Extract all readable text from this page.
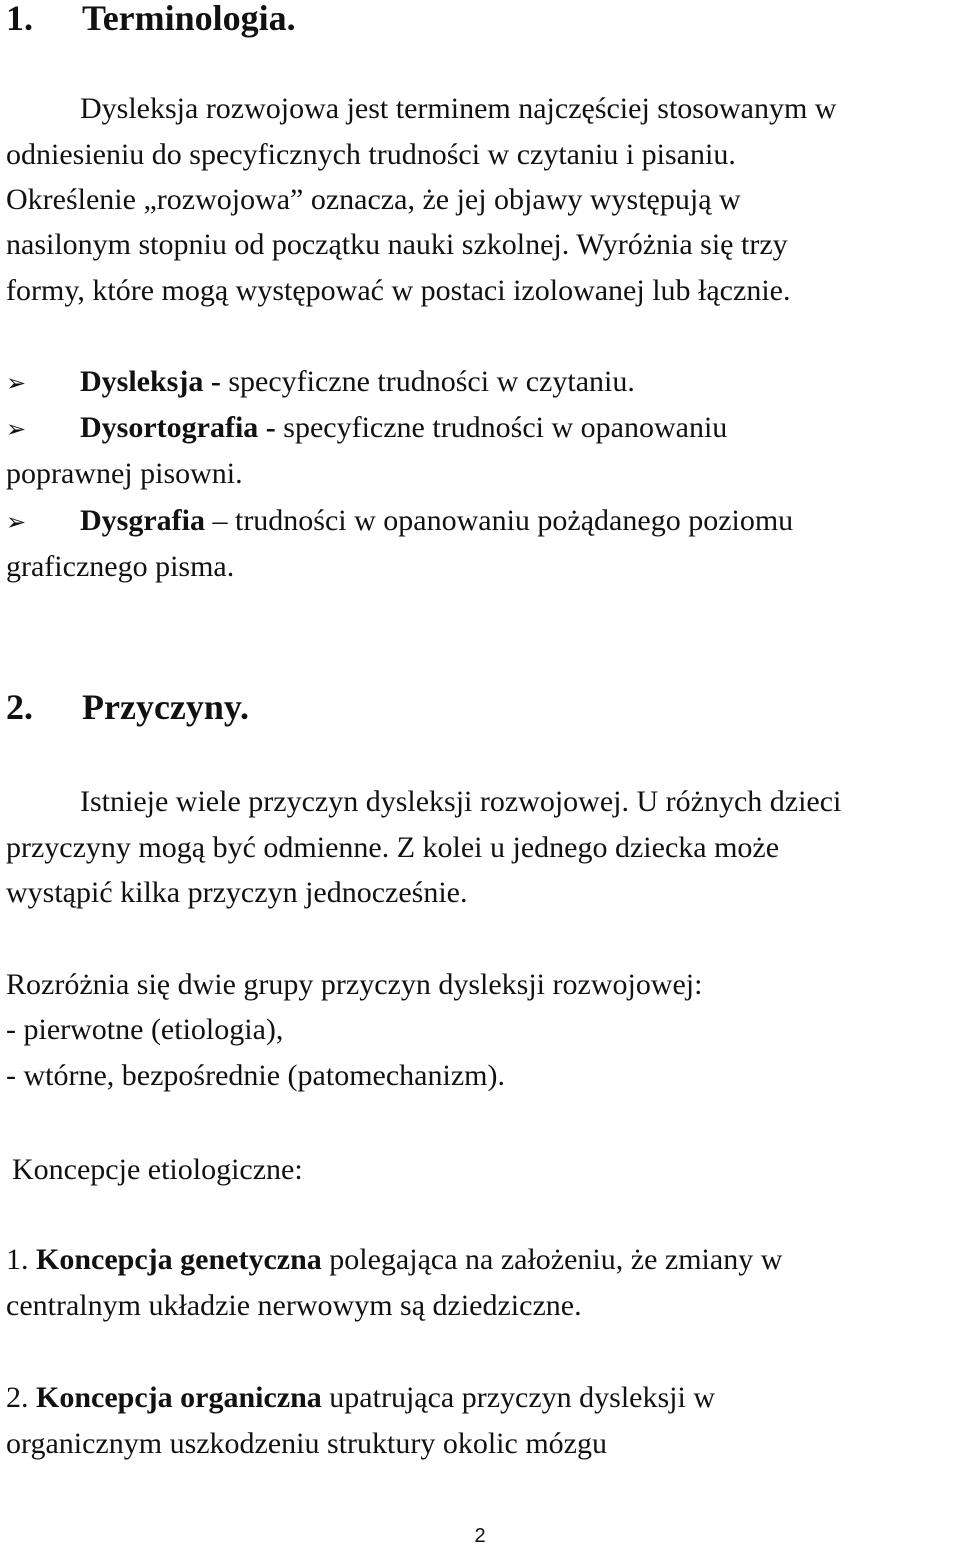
1. Terminologia.
Dysleksja rozwojowa jest terminem najczęściej stosowanym w
odniesieniu do specyficznych trudności w czytaniu i pisaniu.
Określenie „rozwojowa” oznacza, że jej objawy występują w
nasilonym stopniu od początku nauki szkolnej. Wyróżnia się trzy
formy, które mogą występować w postaci izolowanej lub łącznie.
➢ Dysleksja - specyficzne trudności w czytaniu.
➢ Dysortografia - specyficzne trudności w opanowaniu
poprawnej pisowni.
➢ Dysgrafia – trudności w opanowaniu pożądanego poziomu
graficznego pisma.
2. Przyczyny.
Istnieje wiele przyczyn dysleksji rozwojowej. U różnych dzieci
przyczyny mogą być odmienne. Z kolei u jednego dziecka może
wystąpić kilka przyczyn jednocześnie.
Rozróżnia się dwie grupy przyczyn dysleksji rozwojowej:
- pierwotne (etiologia),
- wtórne, bezpośrednie (patomechanizm).
Koncepcje etiologiczne:
1. Koncepcja genetyczna polegająca na założeniu, że zmiany w
centralnym układzie nerwowym są dziedziczne.
2. Koncepcja organiczna upatrująca przyczyn dysleksji w
organicznym uszkodzeniu struktury okolic mózgu
2
